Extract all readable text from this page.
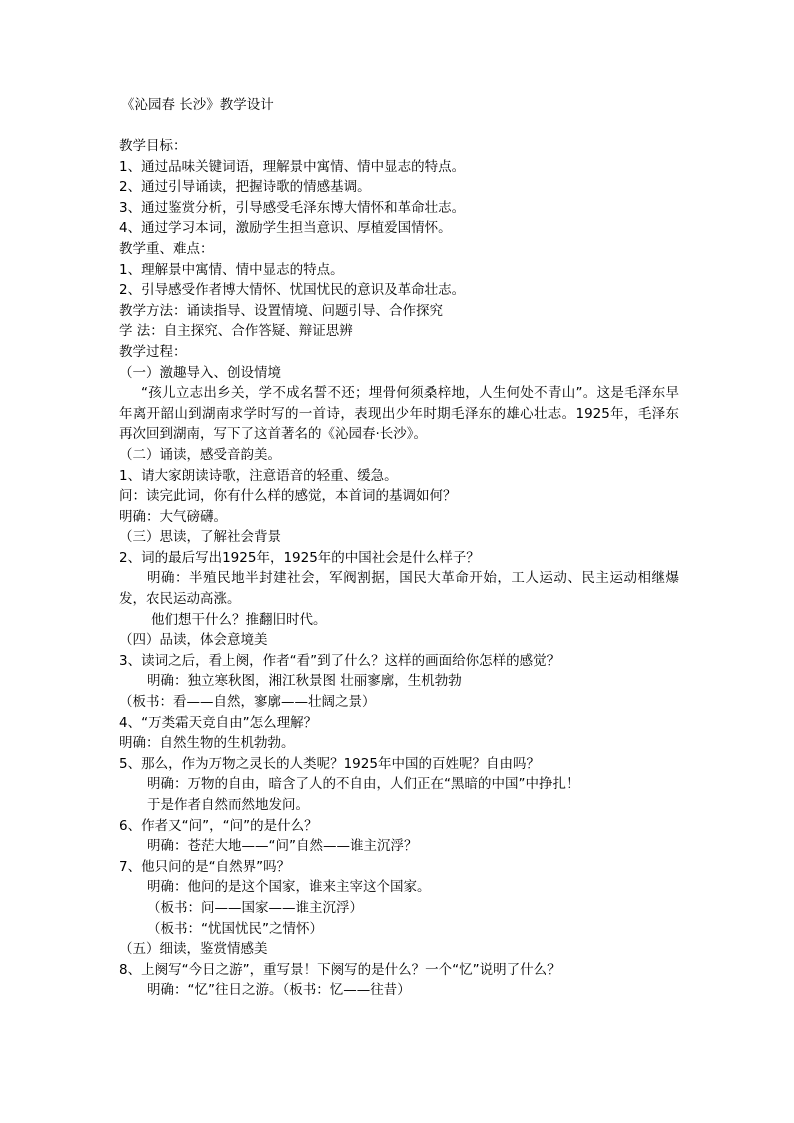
《沁园春 长沙》教学设计
教学目标：
1、通过品味关键词语，理解景中寓情、情中显志的特点。
2、通过引导诵读，把握诗歌的情感基调。
3、通过鉴赏分析，引导感受毛泽东博大情怀和革命壮志。
4、通过学习本词，激励学生担当意识、厚植爱国情怀。
教学重、难点：
1、理解景中寓情、情中显志的特点。
2、引导感受作者博大情怀、忧国忧民的意识及革命壮志。
教学方法：诵读指导、设置情境、问题引导、合作探究
学 法：自主探究、合作答疑、辩证思辨
教学过程：
（一）激趣导入、创设情境
“孩儿立志出乡关，学不成名誓不还；埋骨何须桑梓地，人生何处不青山”。这是毛泽东早年离开韶山到湖南求学时写的一首诗，表现出少年时期毛泽东的雄心壮志。1925年，毛泽东再次回到湖南，写下了这首著名的《沁园春·长沙》。
（二）诵读，感受音韵美。
1、请大家朗读诗歌，注意语音的轻重、缓急。
问：读完此词，你有什么样的感觉，本首词的基调如何？
明确：大气磅礴。
（三）思读，了解社会背景
2、词的最后写出1925年，1925年的中国社会是什么样子？
明确：半殖民地半封建社会，军阀割据，国民大革命开始，工人运动、民主运动相继爆发，农民运动高涨。
他们想干什么？推翻旧时代。
（四）品读，体会意境美
3、读词之后，看上阕，作者“看”到了什么？这样的画面给你怎样的感觉？
明确：独立寒秋图，湘江秋景图 壮丽寥廓，生机勃勃
（板书：看——自然，寥廓——壮阔之景）
4、“万类霜天竞自由”怎么理解？
明确：自然生物的生机勃勃。
5、那么，作为万物之灵长的人类呢？1925年中国的百姓呢？自由吗？
明确：万物的自由，暗含了人的不自由，人们正在“黑暗的中国”中挣扎！
于是作者自然而然地发问。
6、作者又“问”，“问”的是什么？
明确：苍茫大地——“问”自然——谁主沉浮？
7、他只问的是“自然界”吗？
明确：他问的是这个国家，谁来主宰这个国家。
（板书：问——国家——谁主沉浮）
（板书：“忧国忧民”之情怀）
（五）细读，鉴赏情感美
8、上阕写“今日之游”，重写景！下阕写的是什么？一个“忆”说明了什么？
明确：“忆”往日之游。（板书：忆——往昔）
